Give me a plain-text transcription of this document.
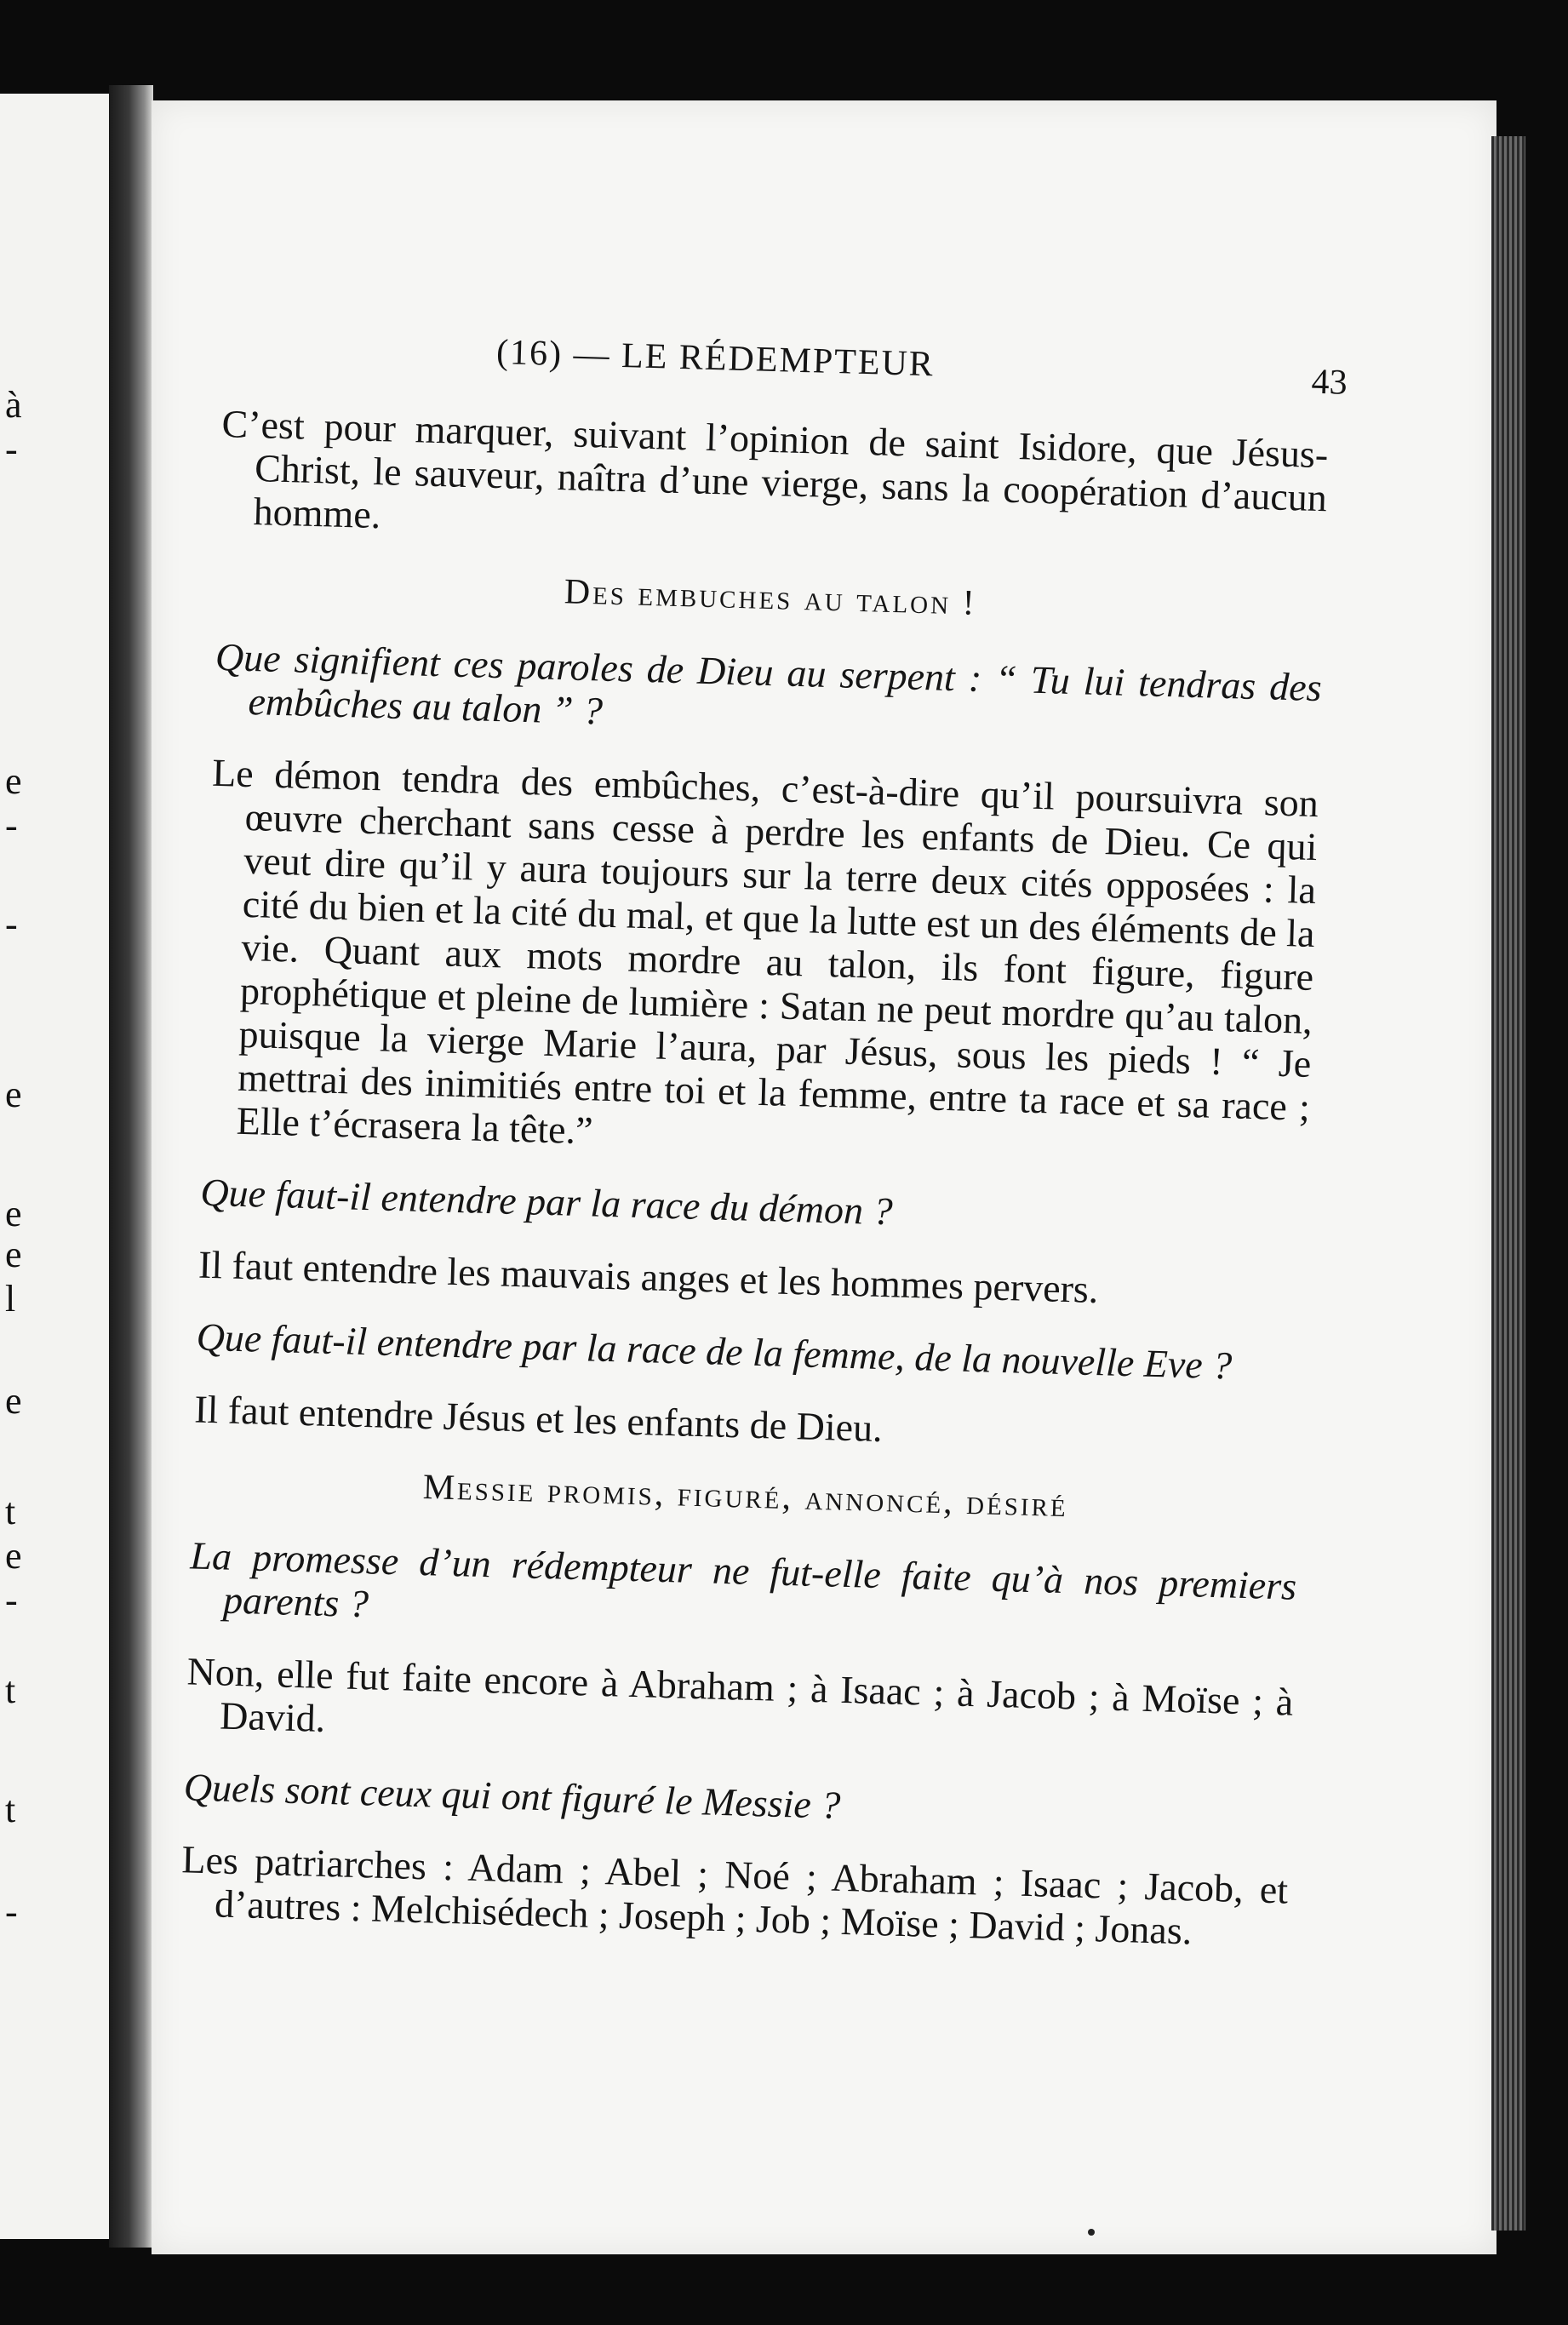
à
-
e
-
-
e
e
e
l
e
t
e
-
t
t
-
(16) — LE RÉDEMPTEUR	43

C’est pour marquer, suivant l’opinion de saint Isidore, que Jésus-Christ, le sauveur, naîtra d’une vierge, sans la coopération d’aucun homme.

Des embuches au talon !

Que signifient ces paroles de Dieu au serpent : “ Tu lui tendras des embûches au talon ” ?

Le démon tendra des embûches, c’est-à-dire qu’il poursuivra son œuvre cherchant sans cesse à perdre les enfants de Dieu. Ce qui veut dire qu’il y aura toujours sur la terre deux cités opposées : la cité du bien et la cité du mal, et que la lutte est un des éléments de la vie. Quant aux mots mordre au talon, ils font figure, figure prophétique et pleine de lumière : Satan ne peut mordre qu’au talon, puisque la vierge Marie l’aura, par Jésus, sous les pieds ! “ Je mettrai des inimitiés entre toi et la femme, entre ta race et sa race ; Elle t’écrasera la tête.”

Que faut-il entendre par la race du démon ?

Il faut entendre les mauvais anges et les hommes pervers.

Que faut-il entendre par la race de la femme, de la nouvelle Eve ?

Il faut entendre Jésus et les enfants de Dieu.

Messie promis, figuré, annoncé, désiré

La promesse d’un rédempteur ne fut-elle faite qu’à nos premiers parents ?

Non, elle fut faite encore à Abraham ; à Isaac ; à Jacob ; à Moïse ; à David.

Quels sont ceux qui ont figuré le Messie ?

Les patriarches : Adam ; Abel ; Noé ; Abraham ; Isaac ; Jacob, et d’autres : Melchisédech ; Joseph ; Job ; Moïse ; David ; Jonas.
